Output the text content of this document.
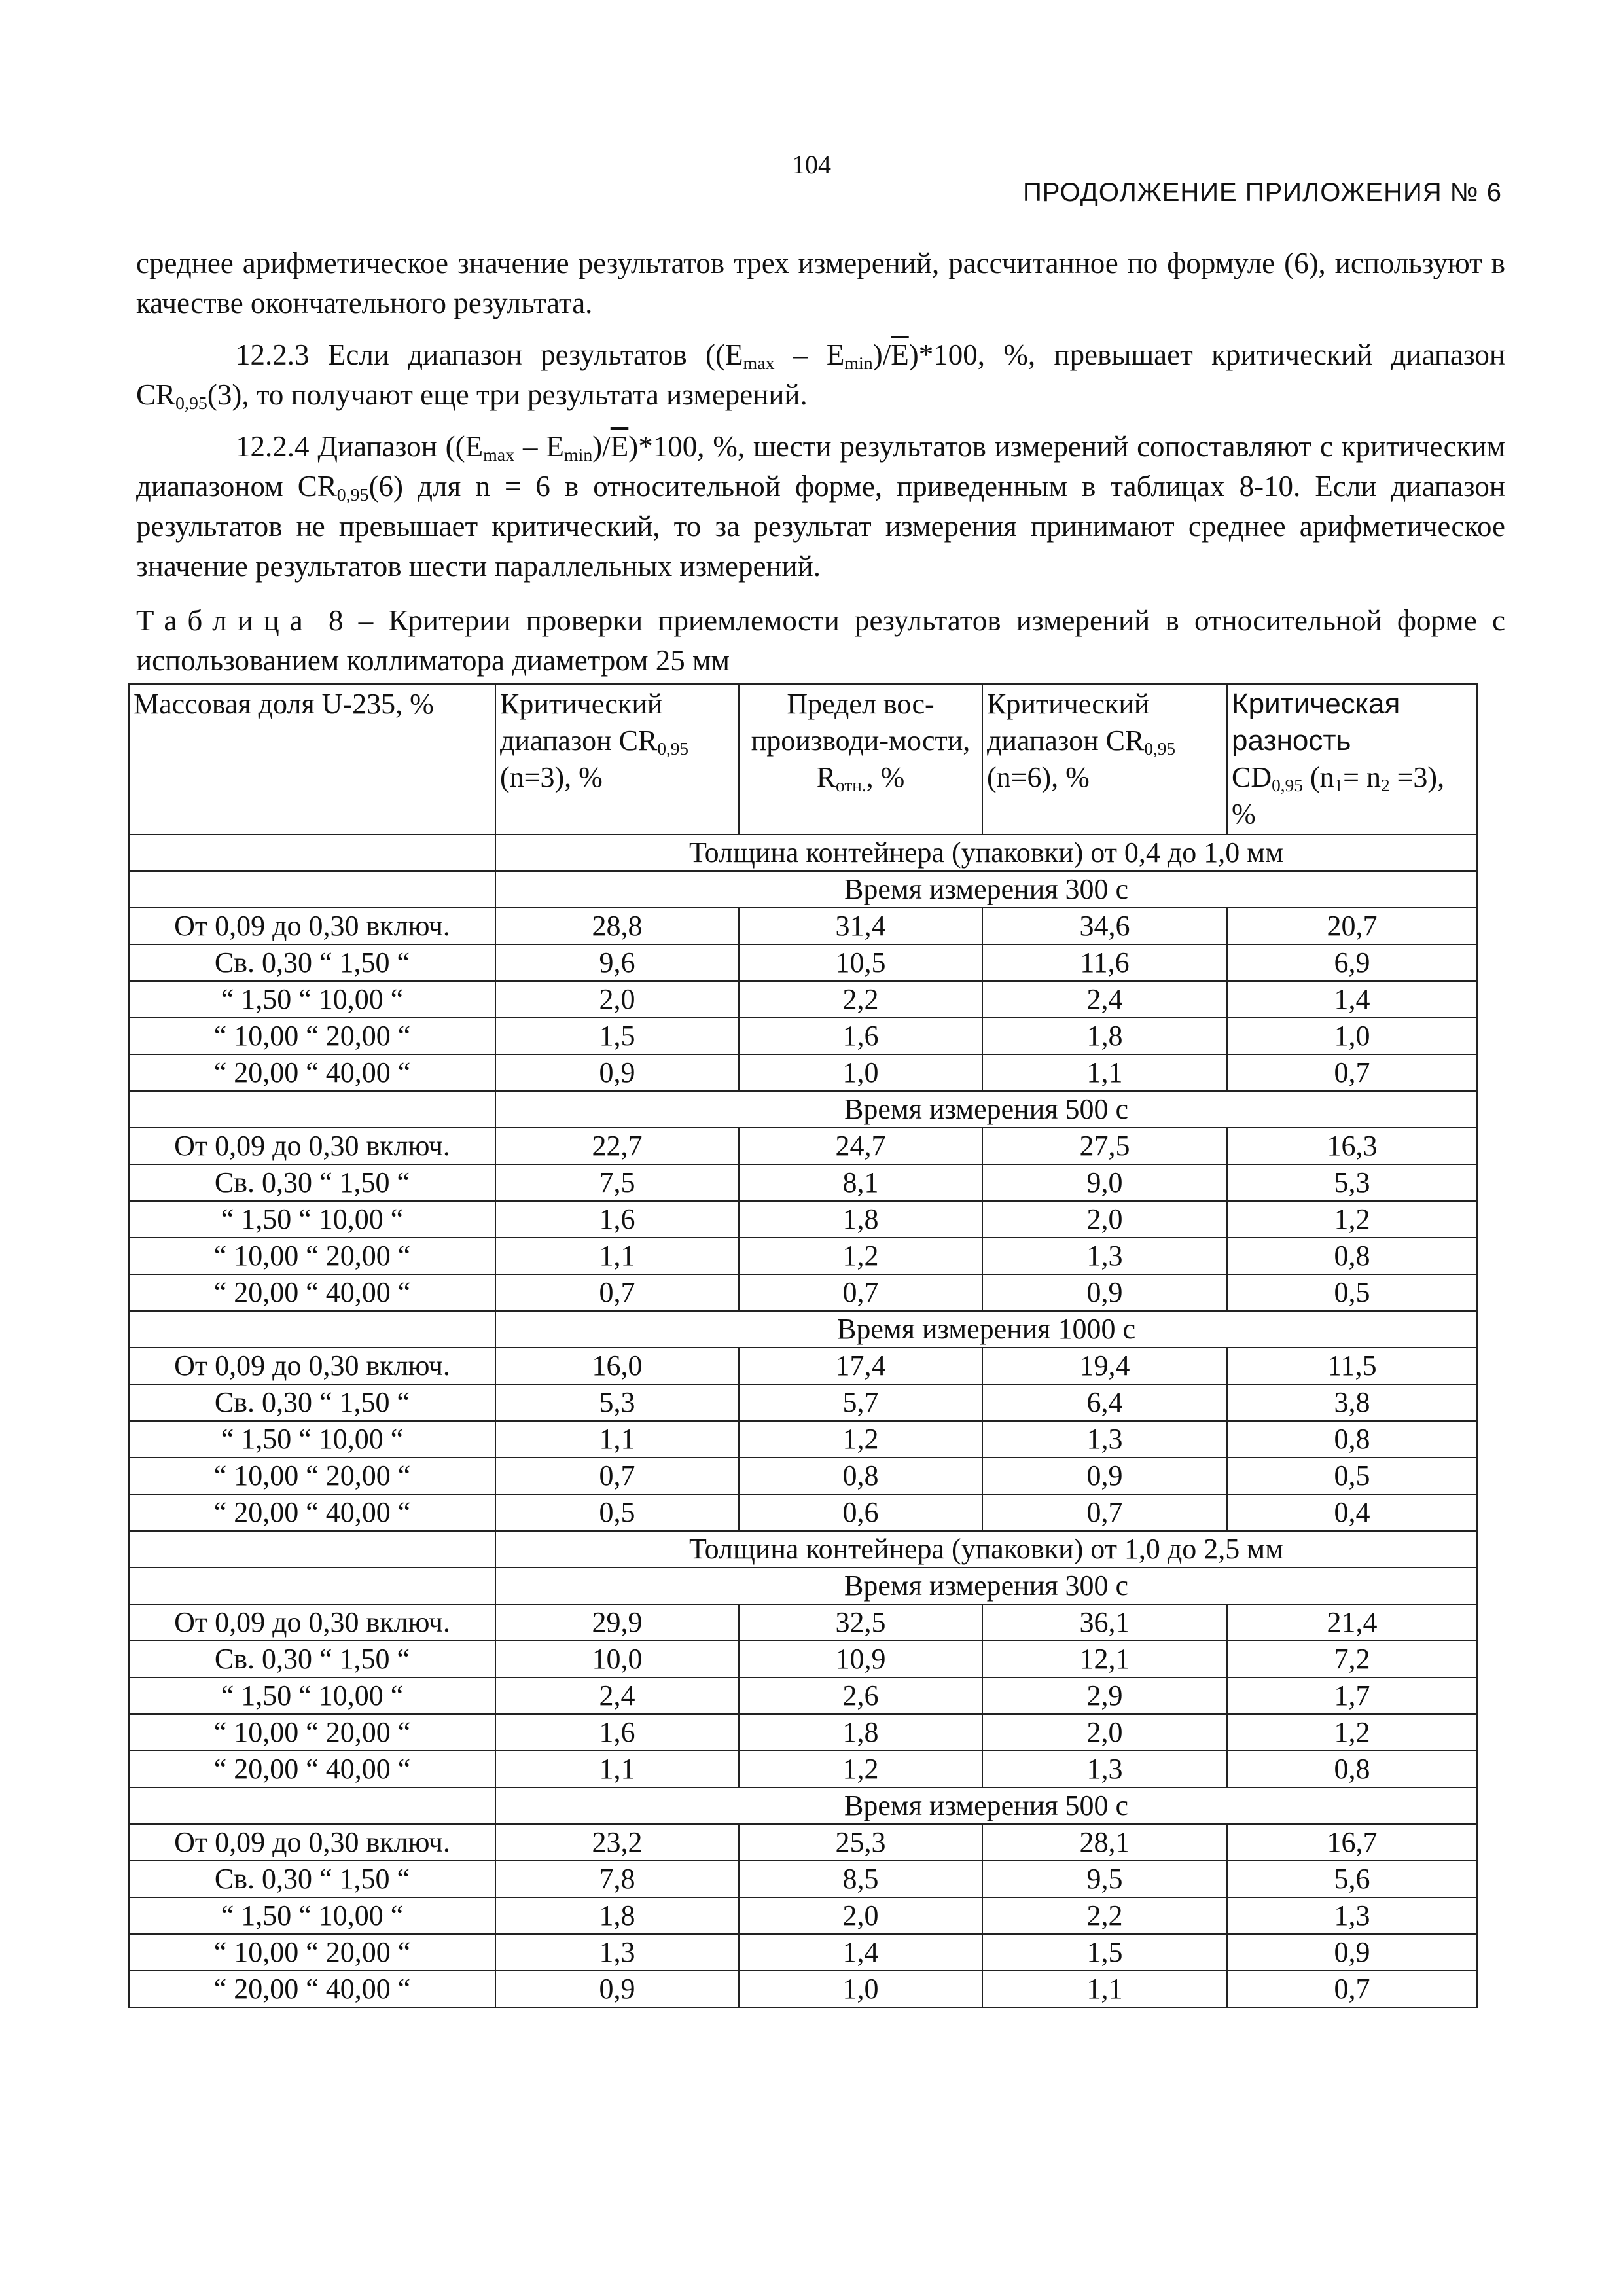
104
ПРОДОЛЖЕНИЕ ПРИЛОЖЕНИЯ № 6

среднее арифметическое значение результатов трех измерений, рассчитанное по формуле (6), используют в качестве окончательного результата.

12.2.3 Если диапазон результатов $((E_{max} - E_{min})/\overline{E})*100$, %, превышает критический диапазон $CR_{0,95}(3)$, то получают еще три результата измерений.

12.2.4 Диапазон $((E_{max} - E_{min})/\overline{E})*100$, %, шести результатов измерений сопоставляют с критическим диапазоном $CR_{0,95}(6)$ для n = 6 в относительной форме, приведенным в таблицах 8-10. Если диапазон результатов не превышает критический, то за результат измерения принимают среднее арифметическое значение результатов шести параллельных измерений.

Таблица 8 – Критерии проверки приемлемости результатов измерений в относительной форме с использованием коллиматора диаметром 25 мм
Массовая доля U-235, %	Критический диапазон $CR_{0,95}$ (n=3), %	Предел вос-производи-мости, $R_{отн.}$, %	Критический диапазон $CR_{0,95}$ (n=6), %	Критическая разность
$CD_{0,95}$ $(n_1= n_2 =3)$, %
	Толщина контейнера (упаковки) от 0,4 до 1,0 мм			
	Время измерения 300 с			
От 0,09 до 0,30 включ.	28,8	31,4	34,6	20,7
Св. 0,30 “ 1,50 “	9,6	10,5	11,6	6,9
“ 1,50 “ 10,00 “	2,0	2,2	2,4	1,4
“ 10,00 “ 20,00 “	1,5	1,6	1,8	1,0
“ 20,00 “ 40,00 “	0,9	1,0	1,1	0,7
	Время измерения 500 с			
От 0,09 до 0,30 включ.	22,7	24,7	27,5	16,3
Св. 0,30 “ 1,50 “	7,5	8,1	9,0	5,3
“ 1,50 “ 10,00 “	1,6	1,8	2,0	1,2
“ 10,00 “ 20,00 “	1,1	1,2	1,3	0,8
“ 20,00 “ 40,00 “	0,7	0,7	0,9	0,5
	Время измерения 1000 с			
От 0,09 до 0,30 включ.	16,0	17,4	19,4	11,5
Св. 0,30 “ 1,50 “	5,3	5,7	6,4	3,8
“ 1,50 “ 10,00 “	1,1	1,2	1,3	0,8
“ 10,00 “ 20,00 “	0,7	0,8	0,9	0,5
“ 20,00 “ 40,00 “	0,5	0,6	0,7	0,4
	Толщина контейнера (упаковки) от 1,0 до 2,5 мм			
	Время измерения 300 с			
От 0,09 до 0,30 включ.	29,9	32,5	36,1	21,4
Св. 0,30 “ 1,50 “	10,0	10,9	12,1	7,2
“ 1,50 “ 10,00 “	2,4	2,6	2,9	1,7
“ 10,00 “ 20,00 “	1,6	1,8	2,0	1,2
“ 20,00 “ 40,00 “	1,1	1,2	1,3	0,8
	Время измерения 500 с			
От 0,09 до 0,30 включ.	23,2	25,3	28,1	16,7
Св. 0,30 “ 1,50 “	7,8	8,5	9,5	5,6
“ 1,50 “ 10,00 “	1,8	2,0	2,2	1,3
“ 10,00 “ 20,00 “	1,3	1,4	1,5	0,9
“ 20,00 “ 40,00 “	0,9	1,0	1,1	0,7
